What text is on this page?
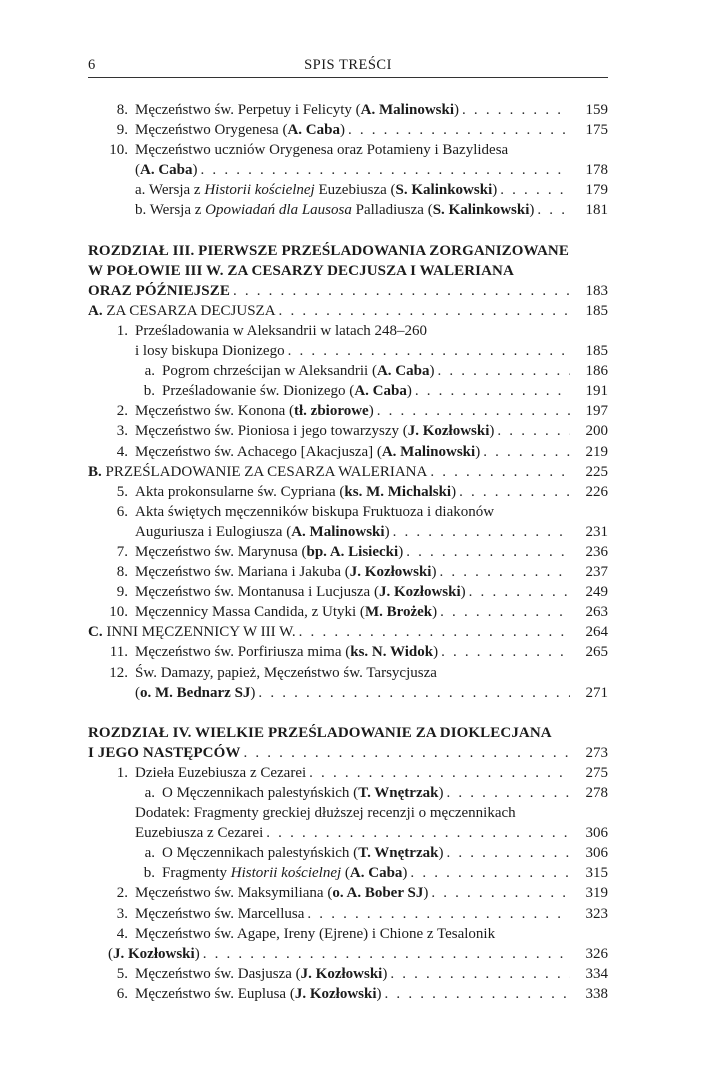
6	SPIS TREŚCI
8. Męczeństwo św. Perpetuy i Felicyty (A. Malinowski) . . .	159
9. Męczeństwo Orygenesa (A. Caba) . . .	175
10. Męczeństwo uczniów Orygenesa oraz Potamieny i Bazylidesa
(A. Caba) . . .	178
a. Wersja z Historii kościelnej Euzebiusza (S. Kalinkowski) . . .	179
b. Wersja z Opowiadań dla Lausosa Palladiusza (S. Kalinkowski) . . .	181
ROZDZIAŁ III. PIERWSZE PRZEŚLADOWANIA ZORGANIZOWANE
W POŁOWIE III W. ZA CESARZY DECJUSZA I WALERIANA
ORAZ PÓŹNIEJSZE . . .	183
A. ZA CESARZA DECJUSZA . . .	185
1. Prześladowania w Aleksandrii w latach 248–260
i losy biskupa Dionizego . . .	185
a. Pogrom chrześcijan w Aleksandrii (A. Caba) . . .	186
b. Prześladowanie św. Dionizego (A. Caba) . . .	191
2. Męczeństwo św. Konona (tł. zbiorowe) . . .	197
3. Męczeństwo św. Pioniosa i jego towarzyszy (J. Kozłowski) . . .	200
4. Męczeństwo św. Achacego [Akacjusza] (A. Malinowski) . . .	219
B. PRZEŚLADOWANIE ZA CESARZA WALERIANA . . .	225
5. Akta prokonsularne św. Cypriana (ks. M. Michalski) . . .	226
6. Akta świętych męczenników biskupa Fruktuoza i diakonów
Auguriusza i Eulogiusza (A. Malinowski) . . .	231
7. Męczeństwo św. Marynusa (bp. A. Lisiecki) . . .	236
8. Męczeństwo św. Mariana i Jakuba (J. Kozłowski) . . .	237
9. Męczeństwo św. Montanusa i Lucjusza (J. Kozłowski) . . .	249
10. Męczennicy Massa Candida, z Utyki (M. Brożek) . . .	263
C. INNI MĘCZENNICY W III W. . . .	264
11. Męczeństwo św. Porfiriusza mima (ks. N. Widok) . . .	265
12. Św. Damazy, papież, Męczeństwo św. Tarsycjusza
(o. M. Bednarz SJ) . . .	271
ROZDZIAŁ IV. WIELKIE PRZEŚLADOWANIE ZA DIOKLECJANA
I JEGO NASTĘPCÓW . . .	273
1. Dzieła Euzebiusza z Cezarei . . .	275
a. O Męczennikach palestyńskich (T. Wnętrzak) . . .	278
Dodatek: Fragmenty greckiej dłuższej recenzji o męczennikach
Euzebiusza z Cezarei . . .	306
a. O Męczennikach palestyńskich (T. Wnętrzak) . . .	306
b. Fragmenty Historii kościelnej (A. Caba) . . .	315
2. Męczeństwo św. Maksymiliana (o. A. Bober SJ) . . .	319
3. Męczeństwo św. Marcellusa . . .	323
4. Męczeństwo św. Agape, Ireny (Ejrene) i Chione z Tesalonik
(J. Kozłowski) . . .	326
5. Męczeństwo św. Dasjusza (J. Kozłowski) . . .	334
6. Męczeństwo św. Euplusa (J. Kozłowski) . . .	338
